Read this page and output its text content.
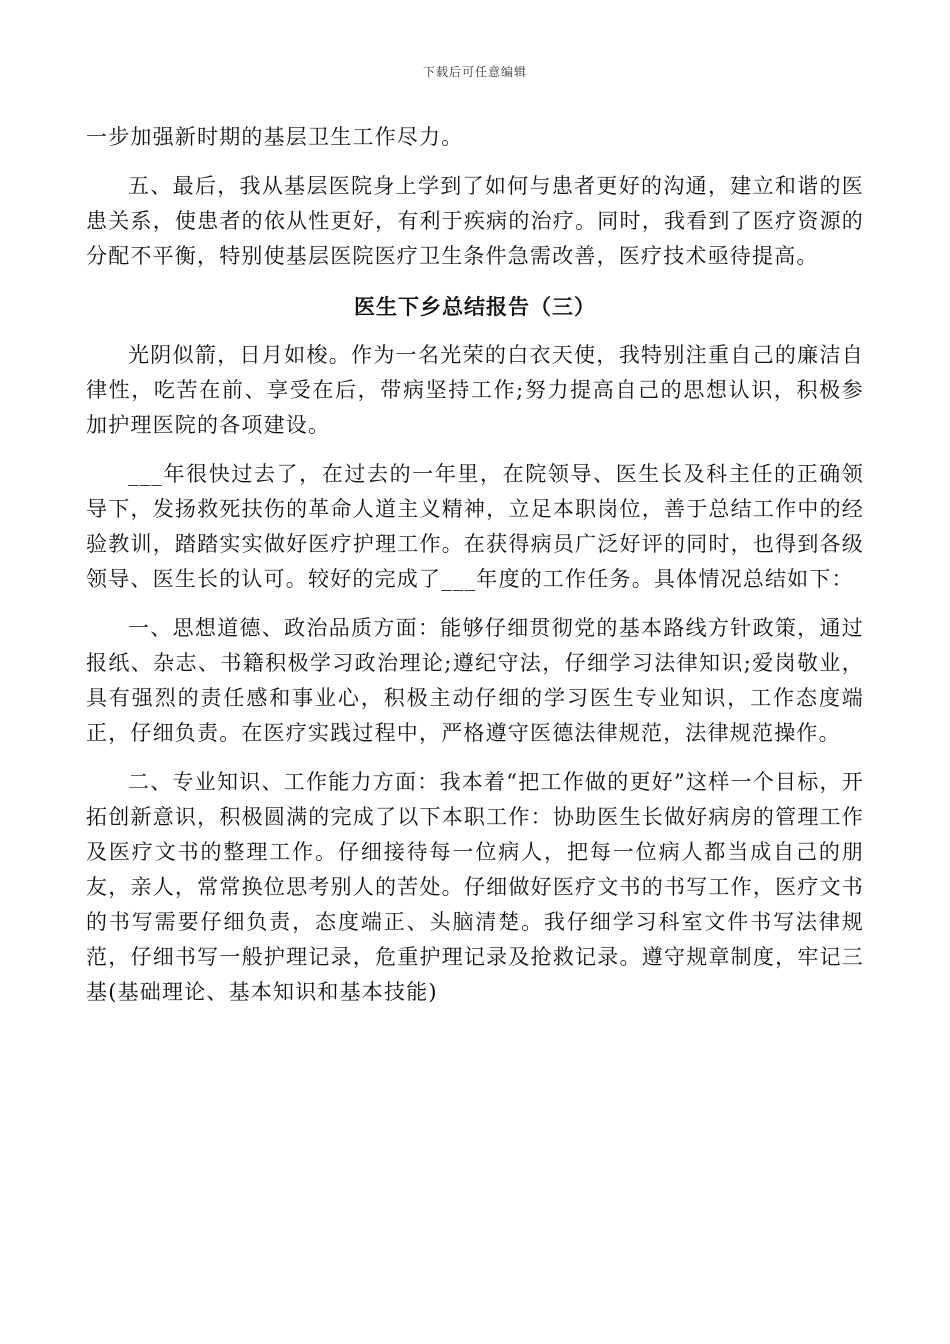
下载后可任意编辑

一步加强新时期的基层卫生工作尽力。

五、最后，我从基层医院身上学到了如何与患者更好的沟通，建立和谐的医患关系，使患者的依从性更好，有利于疾病的治疗。同时，我看到了医疗资源的分配不平衡，特别使基层医院医疗卫生条件急需改善，医疗技术亟待提高。

医生下乡总结报告（三）

光阴似箭，日月如梭。作为一名光荣的白衣天使，我特别注重自己的廉洁自律性，吃苦在前、享受在后，带病坚持工作;努力提高自己的思想认识，积极参加护理医院的各项建设。

___年很快过去了，在过去的一年里，在院领导、医生长及科主任的正确领导下，发扬救死扶伤的革命人道主义精神，立足本职岗位，善于总结工作中的经验教训，踏踏实实做好医疗护理工作。在获得病员广泛好评的同时，也得到各级领导、医生长的认可。较好的完成了___年度的工作任务。具体情况总结如下：

一、思想道德、政治品质方面：能够仔细贯彻党的基本路线方针政策，通过报纸、杂志、书籍积极学习政治理论;遵纪守法，仔细学习法律知识;爱岗敬业，具有强烈的责任感和事业心，积极主动仔细的学习医生专业知识，工作态度端正，仔细负责。在医疗实践过程中，严格遵守医德法律规范，法律规范操作。

二、专业知识、工作能力方面：我本着“把工作做的更好”这样一个目标，开拓创新意识，积极圆满的完成了以下本职工作：协助医生长做好病房的管理工作及医疗文书的整理工作。仔细接待每一位病人，把每一位病人都当成自己的朋友，亲人，常常换位思考别人的苦处。仔细做好医疗文书的书写工作，医疗文书的书写需要仔细负责，态度端正、头脑清楚。我仔细学习科室文件书写法律规范，仔细书写一般护理记录，危重护理记录及抢救记录。遵守规章制度，牢记三基(基础理论、基本知识和基本技能)
